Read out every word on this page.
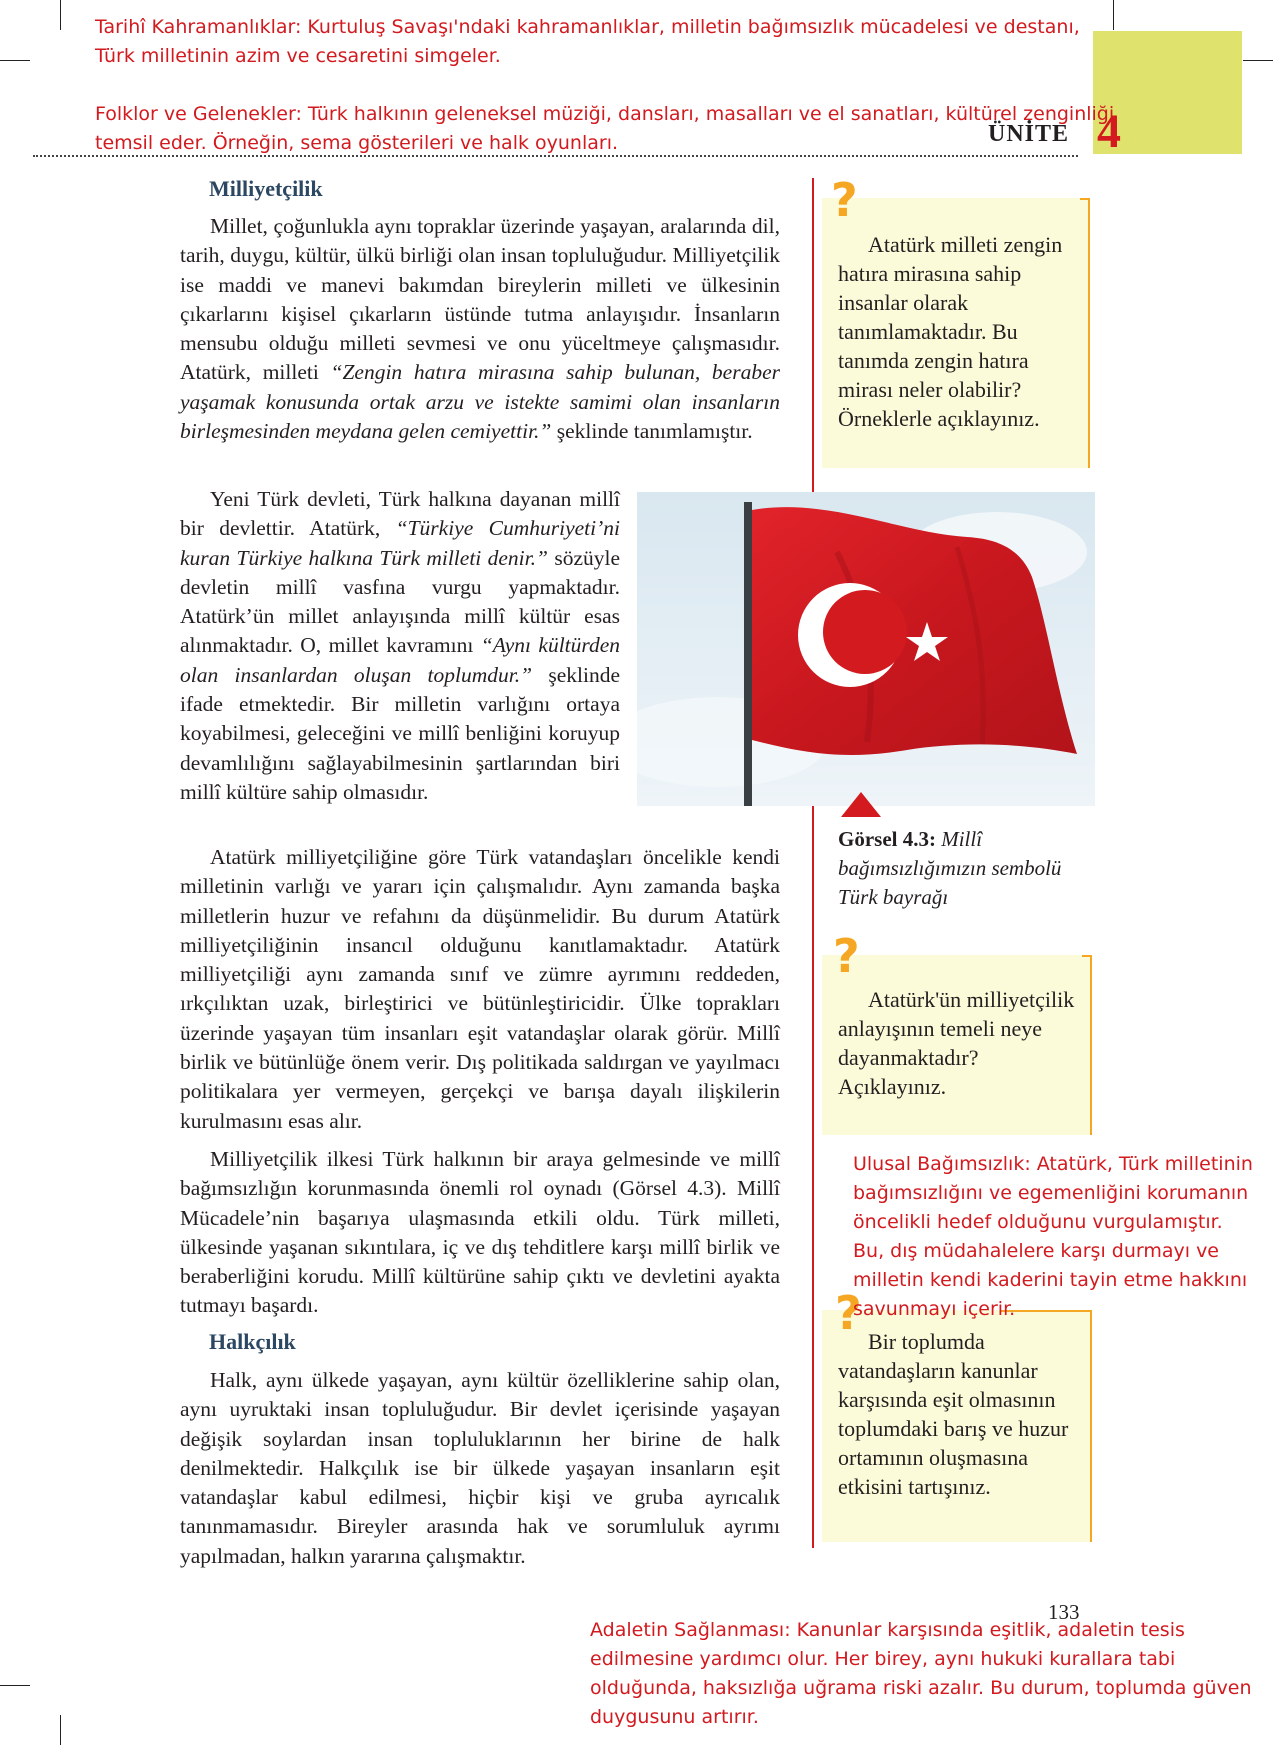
ÜNİTE 4
Tarihî Kahramanlıklar: Kurtuluş Savaşı'ndaki kahramanlıklar, milletin bağımsızlık mücadelesi ve destanı,
Türk milletinin azim ve cesaretini simgeler.
Folklor ve Gelenekler: Türk halkının geleneksel müziği, dansları, masalları ve el sanatları, kültürel zenginliği
temsil eder. Örneğin, sema gösterileri ve halk oyunları.
Milliyetçilik

Millet, çoğunlukla aynı topraklar üzerinde yaşayan, aralarında dil, tarih, duygu, kültür, ülkü birliği olan insan topluluğudur. Milliyetçilik ise maddi ve manevi bakımdan bireylerin milleti ve ülkesinin çıkarlarını kişisel çıkarların üstünde tutma anlayışıdır. İnsanların mensubu olduğu milleti sevmesi ve onu yüceltmeye çalışmasıdır. Atatürk, milleti “Zengin hatıra mirasına sahip bulunan, beraber yaşamak konusunda ortak arzu ve istekte samimi olan insanların birleşmesinden meydana gelen cemiyettir.” şeklinde tanımlamıştır.

Yeni Türk devleti, Türk halkına dayanan millî bir devlettir. Atatürk, “Türkiye Cumhuriyeti’ni kuran Türkiye halkına Türk milleti denir.” sözüyle devletin millî vasfına vurgu yapmaktadır. Atatürk’ün millet anlayışında millî kültür esas alınmaktadır. O, millet kavramını “Aynı kültürden olan insanlardan oluşan toplumdur.” şeklinde ifade etmektedir. Bir milletin varlığını ortaya koyabilmesi, geleceğini ve millî benliğini koruyup devamlılığını sağlayabilmesinin şartlarından biri millî kültüre sahip olmasıdır.

Atatürk milliyetçiliğine göre Türk vatandaşları öncelikle kendi milletinin varlığı ve yararı için çalışmalıdır. Aynı zamanda başka milletlerin huzur ve refahını da düşünmelidir. Bu durum Atatürk milliyetçiliğinin insancıl olduğunu kanıtlamaktadır. Atatürk milliyetçiliği aynı zamanda sınıf ve zümre ayrımını reddeden, ırkçılıktan uzak, birleştirici ve bütünleştiricidir. Ülke toprakları üzerinde yaşayan tüm insanları eşit vatandaşlar olarak görür. Millî birlik ve bütünlüğe önem verir. Dış politikada saldırgan ve yayılmacı politikalara yer vermeyen, gerçekçi ve barışa dayalı ilişkilerin kurulmasını esas alır.

Milliyetçilik ilkesi Türk halkının bir araya gelmesinde ve millî bağımsızlığın korunmasında önemli rol oynadı (Görsel 4.3). Millî Mücadele’nin başarıya ulaşmasında etkili oldu. Türk milleti, ülkesinde yaşanan sıkıntılara, iç ve dış tehditlere karşı millî birlik ve beraberliğini korudu. Millî kültürüne sahip çıktı ve devletini ayakta tutmayı başardı.

Halkçılık

Halk, aynı ülkede yaşayan, aynı kültür özelliklerine sahip olan, aynı uyruktaki insan topluluğudur. Bir devlet içerisinde yaşayan değişik soylardan insan topluluklarının her birine de halk denilmektedir. Halkçılık ise bir ülkede yaşayan insanların eşit vatandaşlar kabul edilmesi, hiçbir kişi ve gruba ayrıcalık tanınmamasıdır. Bireyler arasında hak ve sorumluluk ayrımı yapılmadan, halkın yararına çalışmaktır.

Görsel 4.3: Millî bağımsızlığımızın sembolü Türk bayrağı

Atatürk milleti zengin hatıra mirasına sahip insanlar olarak tanımlamaktadır. Bu tanımda zengin hatıra mirası neler olabilir? Örneklerle açıklayınız.

?

Atatürk'ün milliyetçilik anlayışının temeli neye dayanmaktadır? Açıklayınız.

?

Bir toplumda vatandaşların kanunlar karşısında eşit olmasının toplumdaki barış ve huzur ortamının oluşmasına etkisini tartışınız.

?
Ulusal Bağımsızlık: Atatürk, Türk milletinin
bağımsızlığını ve egemenliğini korumanın
öncelikli hedef olduğunu vurgulamıştır.
Bu, dış müdahalelere karşı durmayı ve
milletin kendi kaderini tayin etme hakkını
savunmayı içerir.
133
Adaletin Sağlanması: Kanunlar karşısında eşitlik, adaletin tesis
edilmesine yardımcı olur. Her birey, aynı hukuki kurallara tabi
olduğunda, haksızlığa uğrama riski azalır. Bu durum, toplumda güven
duygusunu artırır.
